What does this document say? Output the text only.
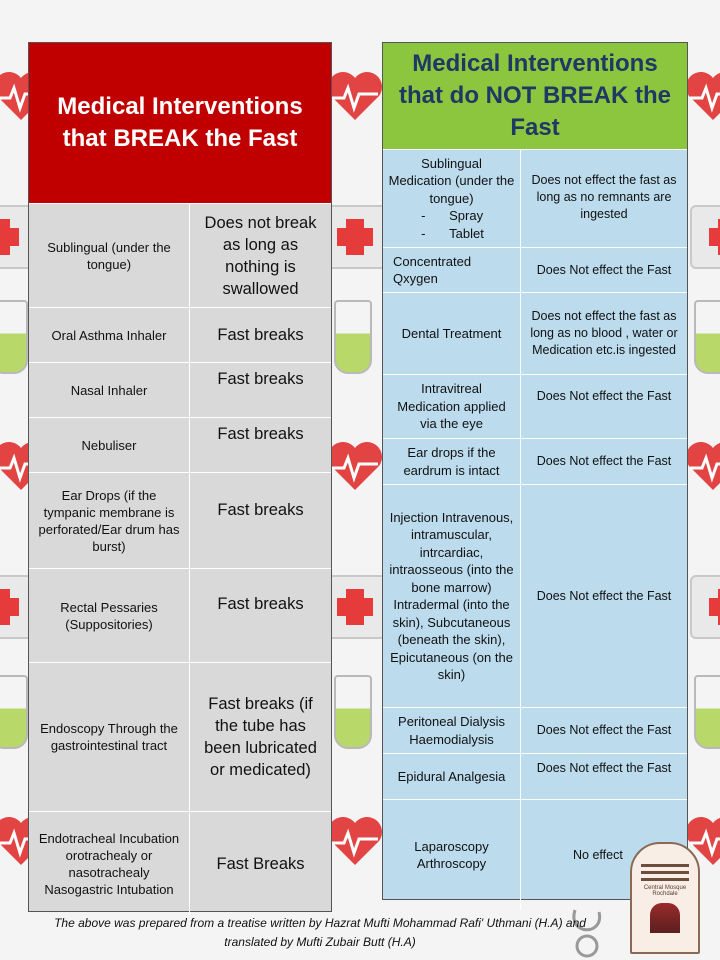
Medical Interventions that BREAK the Fast
Sublingual (under the tongue)
Does not break as long as nothing is swallowed
Oral Asthma Inhaler	Fast breaks
Nasal Inhaler
Fast breaks
Nebuliser
Fast breaks
Ear Drops (if the tympanic membrane is perforated/Ear drum has burst)
Fast breaks
Rectal Pessaries (Suppositories)
Fast breaks
Endoscopy Through the gastrointestinal tract
Fast breaks (if the tube has been lubricated or medicated)
Endotracheal Incubation orotrachealy or nasotrachealy Nasogastric Intubation
Fast Breaks
Medical Interventions that do NOT BREAK the Fast
Sublingual Medication (under the tongue)
- Spray
- Tablet
Does not effect the fast as long as no remnants are ingested
Concentrated Qxygen
Does Not effect the Fast
Dental Treatment
Does not effect the fast as long as no blood , water or Medication etc.is ingested
Intravitreal Medication applied via the eye
Does Not effect the Fast
Ear drops if the eardrum is intact
Does Not effect the Fast
Injection Intravenous, intramuscular, intrcardiac, intraosseous (into the bone marrow) Intradermal (into the skin), Subcutaneous (beneath the skin), Epicutaneous (on the skin)
Does Not effect the Fast
Peritoneal Dialysis Haemodialysis
Does Not effect the Fast
Epidural Analgesia
Does Not effect the Fast
Laparoscopy Arthroscopy
No effect
The above was prepared from a treatise written by Hazrat Mufti Mohammad Rafi' Uthmani (H.A) and translated by Mufti Zubair Butt (H.A)
Central Mosque Rochdale
